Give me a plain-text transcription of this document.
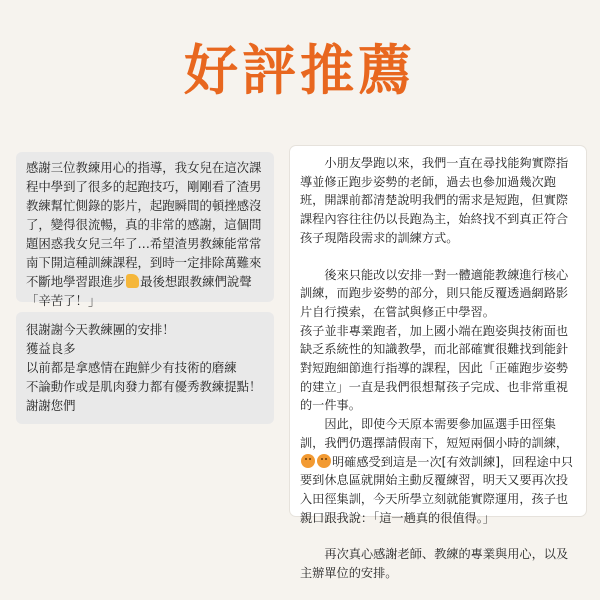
好評推薦

感謝三位教練用心的指導，我女兒在這次課程中學到了很多的起跑技巧，剛剛看了渣男教練幫忙側錄的影片，起跑瞬間的頓挫感沒了，變得很流暢，真的非常的感謝，這個問題困惑我女兒三年了…希望渣男教練能常常南下開這種訓練課程，到時一定排除萬難來不斷地學習跟進步 最後想跟教練們說聲「辛苦了！」

很謝謝今天教練團的安排！

獲益良多

以前都是拿感情在跑鮮少有技術的磨練

不論動作或是肌肉發力都有優秀教練提點！

謝謝您們

小朋友學跑以來，我們一直在尋找能夠實際指導並修正跑步姿勢的老師，過去也參加過幾次跑班，開課前都清楚說明我們的需求是短跑，但實際課程內容往往仍以長跑為主，始終找不到真正符合孩子現階段需求的訓練方式。

後來只能改以安排一對一體適能教練進行核心訓練，而跑步姿勢的部分，則只能反覆透過網路影片自行摸索，在嘗試與修正中學習。

孩子並非專業跑者，加上國小端在跑姿與技術面也缺乏系統性的知識教學，而北部確實很難找到能針對短跑細節進行指導的課程，因此「正確跑步姿勢的建立」一直是我們很想幫孩子完成、也非常重視的一件事。

因此，即使今天原本需要參加區選手田徑集訓，我們仍選擇請假南下，短短兩個小時的訓練，明確感受到這是一次[有效訓練]，回程途中只要到休息區就開始主動反覆練習，明天又要再次投入田徑集訓，今天所學立刻就能實際運用，孩子也親口跟我說：「這一趟真的很值得。」

再次真心感謝老師、教練的專業與用心，以及主辦單位的安排。
